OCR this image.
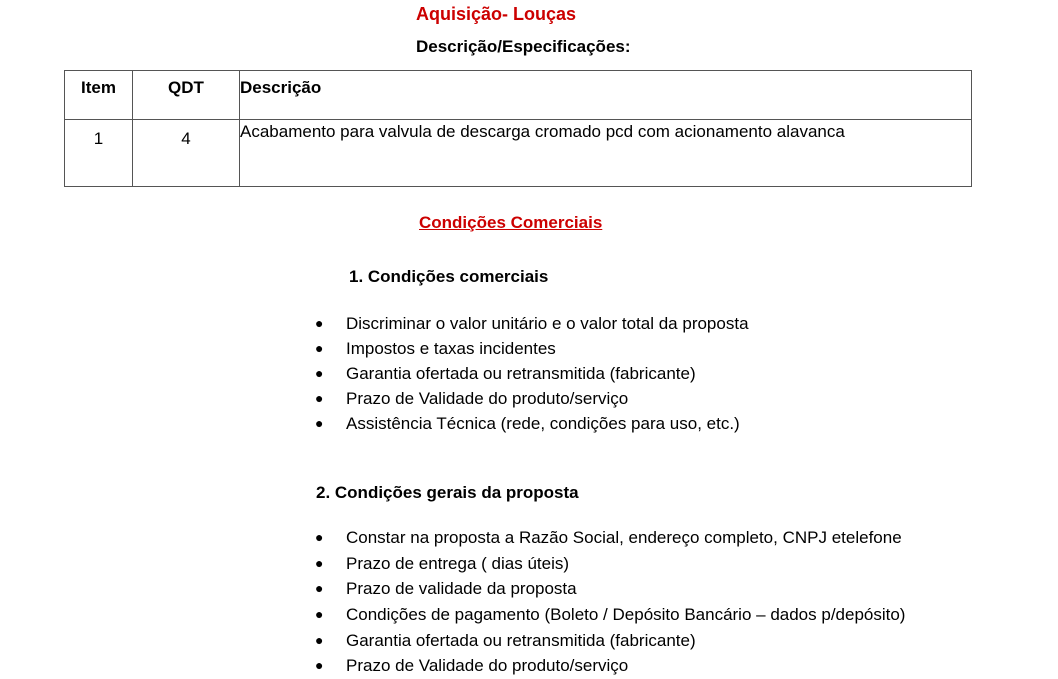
Aquisição- Louças
Descrição/Especificações:
Item	QDT	Descrição
1	4	Acabamento para valvula de descarga cromado pcd com acionamento alavanca
Condições Comerciais
1. Condições comerciais
● Discriminar o valor unitário e o valor total da proposta
● Impostos e taxas incidentes
● Garantia ofertada ou retransmitida (fabricante)
● Prazo de Validade do produto/serviço
● Assistência Técnica (rede, condições para uso, etc.)
2. Condições gerais da proposta
● Constar na proposta a Razão Social, endereço completo, CNPJ etelefone
● Prazo de entrega ( dias úteis)
● Prazo de validade da proposta
● Condições de pagamento (Boleto / Depósito Bancário – dados p/depósito)
● Garantia ofertada ou retransmitida (fabricante)
● Prazo de Validade do produto/serviço
